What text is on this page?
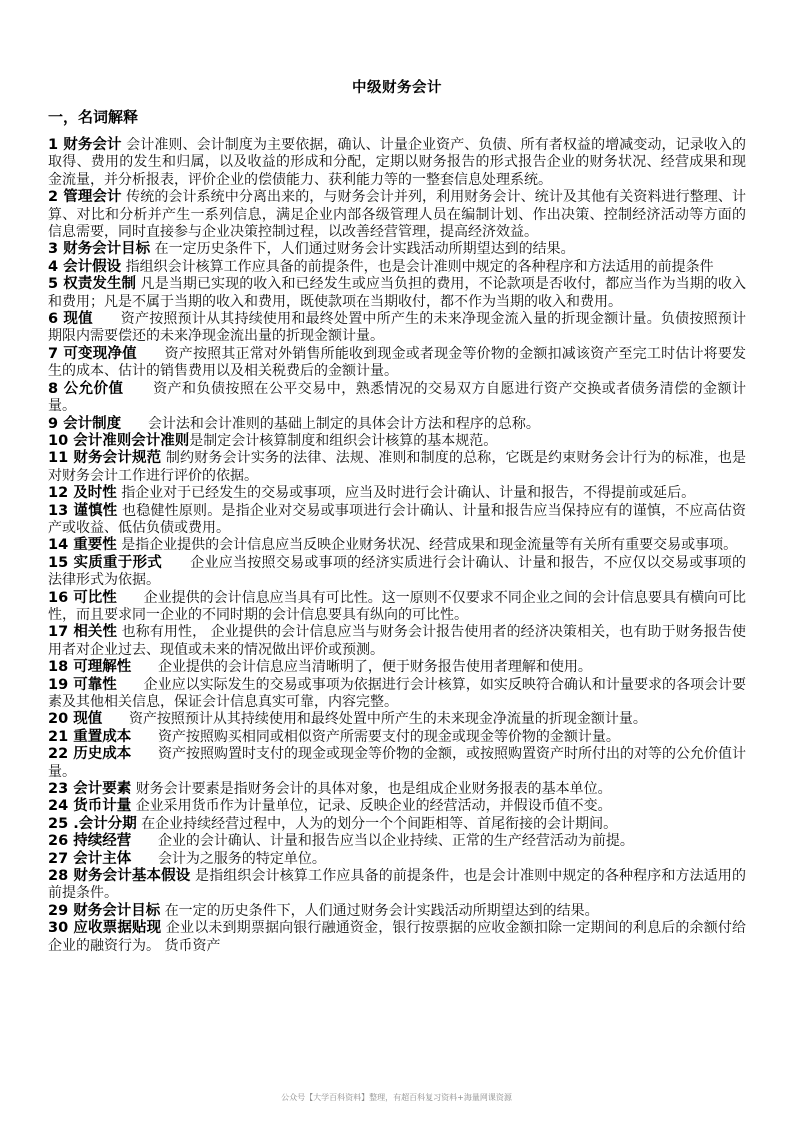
中级财务会计
一，名词解释

1 财务会计 会计准则、会计制度为主要依据，确认、计量企业资产、负债、所有者权益的增减变动，记录收入的取得、费用的发生和归属，以及收益的形成和分配，定期以财务报告的形式报告企业的财务状况、经营成果和现金流量，并分析报表，评价企业的偿债能力、获利能力等的一整套信息处理系统。

2 管理会计 传统的会计系统中分离出来的，与财务会计并列，利用财务会计、统计及其他有关资料进行整理、计算、对比和分析并产生一系列信息，满足企业内部各级管理人员在编制计划、作出决策、控制经济活动等方面的信息需要，同时直接参与企业决策控制过程，以改善经营管理，提高经济效益。

3 财务会计目标 在一定历史条件下，人们通过财务会计实践活动所期望达到的结果。

4 会计假设 指组织会计核算工作应具备的前提条件，也是会计准则中规定的各种程序和方法适用的前提条件

5 权责发生制 凡是当期已实现的收入和已经发生或应当负担的费用，不论款项是否收付，都应当作为当期的收入和费用；凡是不属于当期的收入和费用，既使款项在当期收付，都不作为当期的收入和费用。

6 现值 资产按照预计从其持续使用和最终处置中所产生的未来净现金流入量的折现金额计量。负债按照预计期限内需要偿还的未来净现金流出量的折现金额计量。

7 可变现净值 资产按照其正常对外销售所能收到现金或者现金等价物的金额扣减该资产至完工时估计将要发生的成本、估计的销售费用以及相关税费后的金额计量。

8 公允价值 资产和负债按照在公平交易中，熟悉情况的交易双方自愿进行资产交换或者债务清偿的金额计量。

9 会计制度 会计法和会计准则的基础上制定的具体会计方法和程序的总称。

10 会计准则会计准则是制定会计核算制度和组织会计核算的基本规范。

11 财务会计规范 制约财务会计实务的法律、法规、准则和制度的总称，它既是约束财务会计行为的标准，也是对财务会计工作进行评价的依据。

12 及时性 指企业对于已经发生的交易或事项，应当及时进行会计确认、计量和报告，不得提前或延后。

13 谨慎性 也稳健性原则。是指企业对交易或事项进行会计确认、计量和报告应当保持应有的谨慎，不应高估资产或收益、低估负债或费用。

14 重要性 是指企业提供的会计信息应当反映企业财务状况、经营成果和现金流量等有关所有重要交易或事项。

15 实质重于形式 企业应当按照交易或事项的经济实质进行会计确认、计量和报告，不应仅以交易或事项的法律形式为依据。

16 可比性 企业提供的会计信息应当具有可比性。这一原则不仅要求不同企业之间的会计信息要具有横向可比性，而且要求同一企业的不同时期的会计信息要具有纵向的可比性。

17 相关性 也称有用性， 企业提供的会计信息应当与财务会计报告使用者的经济决策相关，也有助于财务报告使用者对企业过去、现值或未来的情况做出评价或预测。

18 可理解性 企业提供的会计信息应当清晰明了，便于财务报告使用者理解和使用。

19 可靠性 企业应以实际发生的交易或事项为依据进行会计核算，如实反映符合确认和计量要求的各项会计要素及其他相关信息，保证会计信息真实可靠，内容完整。

20 现值 资产按照预计从其持续使用和最终处置中所产生的未来现金净流量的折现金额计量。

21 重置成本 资产按照购买相同或相似资产所需要支付的现金或现金等价物的金额计量。

22 历史成本 资产按照购置时支付的现金或现金等价物的金额，或按照购置资产时所付出的对等的公允价值计量。

23 会计要素 财务会计要素是指财务会计的具体对象，也是组成企业财务报表的基本单位。

24 货币计量 企业采用货币作为计量单位，记录、反映企业的经营活动，并假设币值不变。

25 .会计分期 在企业持续经营过程中，人为的划分一个个间距相等、首尾衔接的会计期间。

26 持续经营 企业的会计确认、计量和报告应当以企业持续、正常的生产经营活动为前提。

27 会计主体 会计为之服务的特定单位。

28 财务会计基本假设 是指组织会计核算工作应具备的前提条件，也是会计准则中规定的各种程序和方法适用的前提条件。

29 财务会计目标 在一定的历史条件下，人们通过财务会计实践活动所期望达到的结果。

30 应收票据贴现 企业以未到期票据向银行融通资金，银行按票据的应收金额扣除一定期间的利息后的余额付给企业的融资行为。 货币资产

公众号【大学百科资料】整理，有超百科复习资料+海量网课资源
